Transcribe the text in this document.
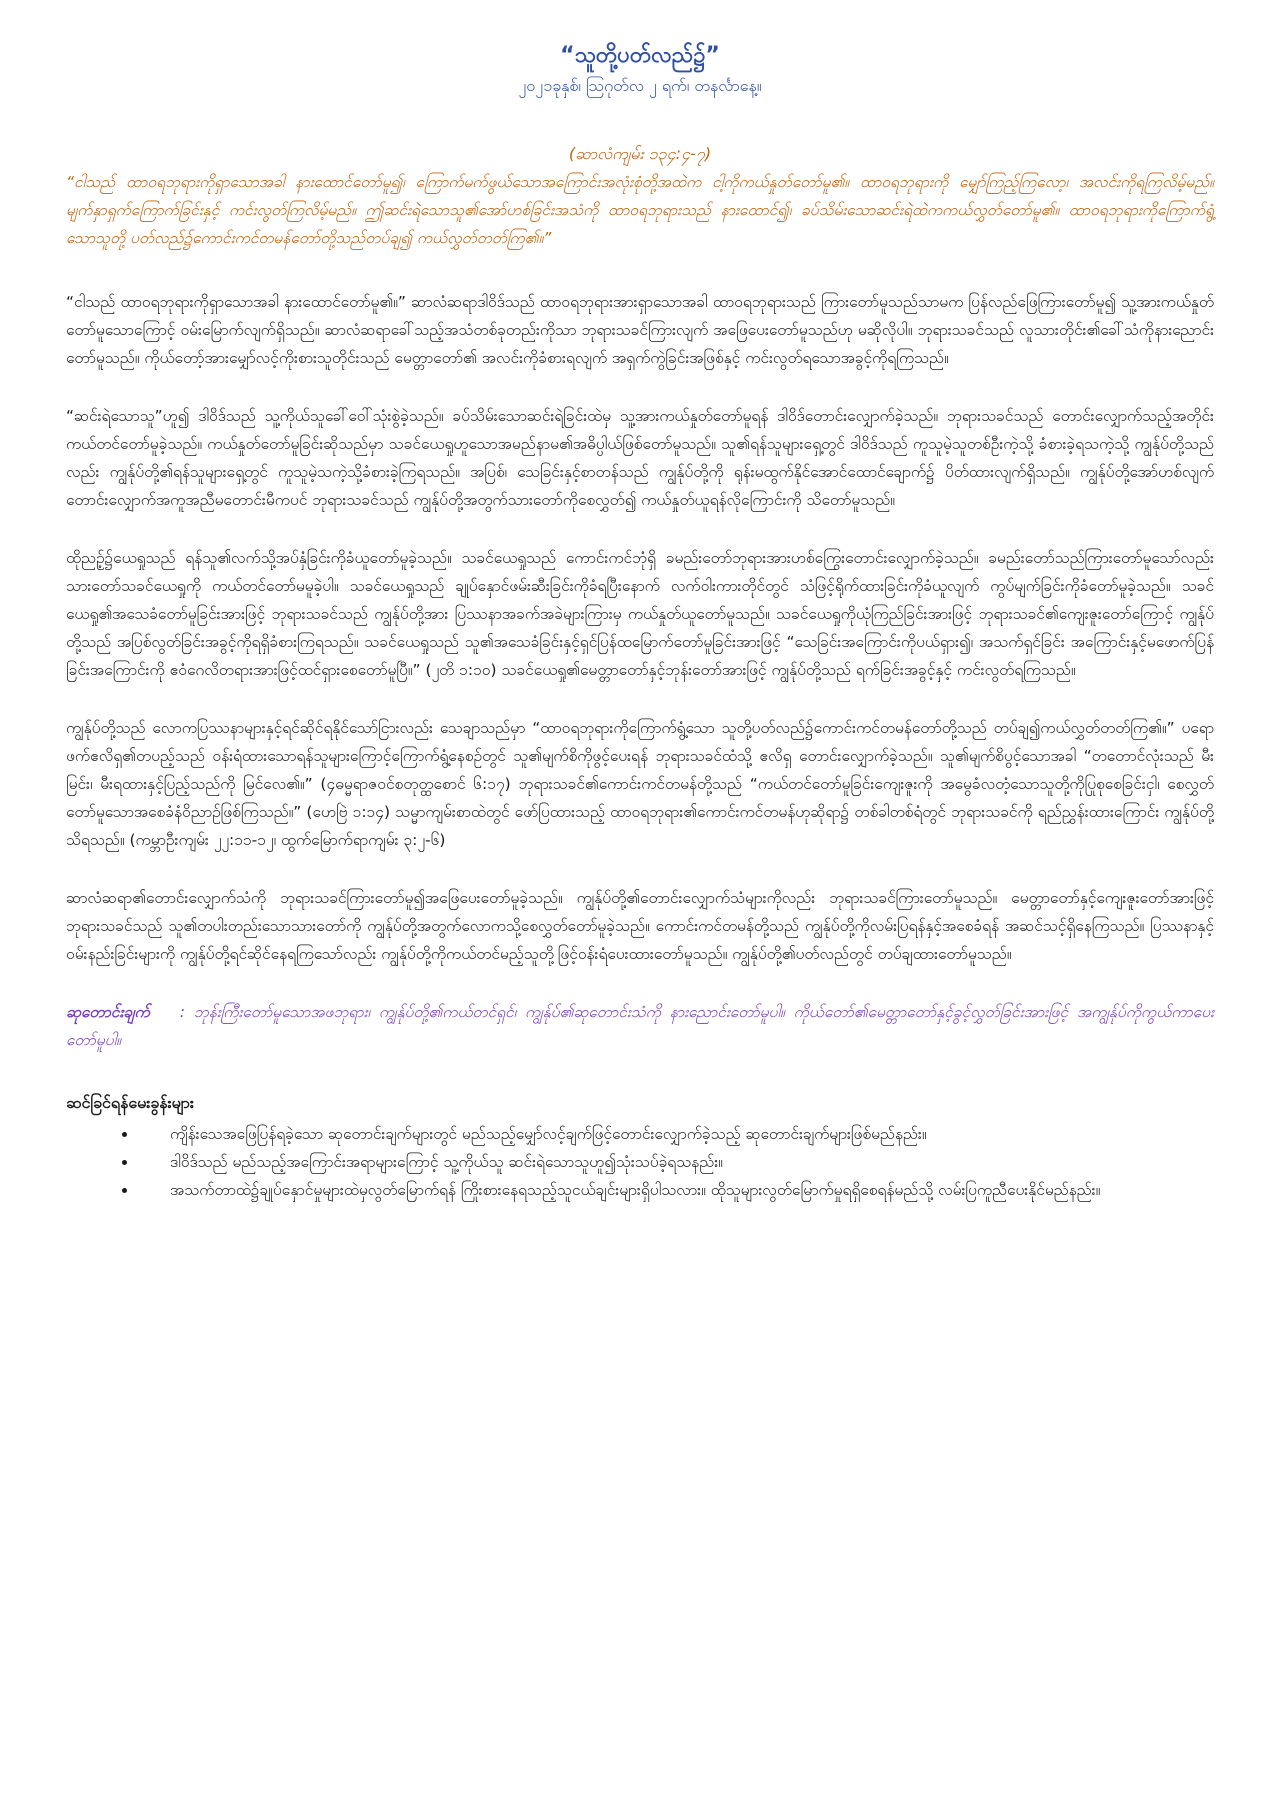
“သူတို့ပတ်လည်၌”

၂၀၂၁ခုနှစ်၊ ဩဂုတ်လ ၂ ရက်၊ တနင်္လာနေ့။

(ဆာလံကျမ်း ၁၃၄:၄-၇)

“ငါသည် ထာဝရဘုရားကိုရှာသောအခါ နားထောင်တော်မူ၍၊ ကြောက်မက်ဖွယ်သောအကြောင်းအလုံးစုံတို့အထဲက ငါ့ကိုကယ်နှုတ်တော်မူ၏။ ထာဝရဘုရားကို မျှော်ကြည့်ကြလော့၊ အလင်းကိုရကြလိမ့်မည်။ မျက်နှာရှက်ကြောက်ခြင်းနှင့် ကင်းလွတ်ကြလိမ့်မည်။ ဤဆင်းရဲသောသူ၏အော်ဟစ်ခြင်းအသံကို ထာဝရဘုရားသည် နားထောင်၍၊ ခပ်သိမ်းသောဆင်းရဲထဲကကယ်လွှတ်တော်မူ၏။ ထာဝရဘုရားကိုကြောက်ရွံ့သောသူတို့ ပတ်လည်၌ကောင်းကင်တမန်တော်တို့သည်တပ်ချ၍ ကယ်လွှတ်တတ်ကြ၏။”

“ငါသည် ထာဝရဘုရားကိုရှာသောအခါ နားထောင်တော်မူ၏။” ဆာလံဆရာဒါဝိဒ်သည် ထာဝရဘုရားအားရှာသောအခါ ထာဝရဘုရားသည် ကြားတော်မူသည်သာမက ပြန်လည်ဖြေကြားတော်မူ၍ သူ့အားကယ်နှုတ်တော်မူသောကြောင့် ဝမ်းမြောက်လျက်ရှိသည်။ ဆာလံဆရာခေါ်သည့်အသံတစ်ခုတည်းကိုသာ ဘုရားသခင်ကြားလျက် အဖြေပေးတော်မူသည်ဟု မဆိုလိုပါ။ ဘုရားသခင်သည် လူသားတိုင်း၏ခေါ်သံကိုနားညောင်းတော်မူသည်။ ကိုယ်တော့်အားမျှော်လင့်ကိုးစားသူတိုင်းသည် မေတ္တာတော်၏ အလင်းကိုခံစားရလျက် အရှက်ကွဲခြင်းအဖြစ်နှင့် ကင်းလွတ်ရသောအခွင့်ကိုရကြသည်။

“ဆင်းရဲသောသူ”ဟူ၍ ဒါဝိဒ်သည် သူ့ကိုယ်သူခေါ်ဝေါ်သုံးစွဲခဲ့သည်။ ခပ်သိမ်းသောဆင်းရဲခြင်းထဲမှ သူ့အားကယ်နှုတ်တော်မူရန် ဒါဝိဒ်တောင်းလျှောက်ခဲ့သည်။ ဘုရားသခင်သည် တောင်းလျှောက်သည့်အတိုင်း ကယ်တင်တော်မူခဲ့သည်။ ကယ်နှုတ်တော်မူခြင်းဆိုသည်မှာ သခင်ယေရှုဟူသောအမည်နာမ၏အဓိပ္ပါယ်ဖြစ်တော်မူသည်။ သူ၏ရန်သူများရှေ့တွင် ဒါဝိဒ်သည် ကူသူမဲ့သူတစ်ဦးကဲ့သို့ ခံစားခဲ့ရသကဲ့သို့ ကျွန်ုပ်တို့သည်လည်း ကျွန်ုပ်တို့၏ရန်သူများရှေ့တွင် ကူသူမဲ့သကဲ့သို့ခံစားခဲ့ကြရသည်။ အပြစ်၊ သေခြင်းနှင့်စာတန်သည် ကျွန်ုပ်တို့ကို ရုန်းမထွက်နိုင်အောင်ထောင်ချောက်၌ ပိတ်ထားလျက်ရှိသည်။ ကျွန်ုပ်တို့အော်ဟစ်လျက် တောင်းလျှောက်အကူအညီမတောင်းမီကပင် ဘုရားသခင်သည် ကျွန်ုပ်တို့အတွက်သားတော်ကိုစေလွှတ်၍ ကယ်နှုတ်ယူရန်လိုကြောင်းကို သိတော်မူသည်။

ထိုညဥ့်၌ယေရှုသည် ရန်သူ၏လက်သို့အပ်နှံခြင်းကိုခံယူတော်မူခဲ့သည်။ သခင်ယေရှုသည် ကောင်းကင်ဘုံရှိ ခမည်းတော်ဘုရားအားဟစ်ကြွေးတောင်းလျှောက်ခဲ့သည်။ ခမည်းတော်သည်ကြားတော်မူသော်လည်း သားတော်သခင်ယေရှုကို ကယ်တင်တော်မမူခဲ့ပါ။ သခင်ယေရှုသည် ချုပ်နှောင်ဖမ်းဆီးခြင်းကိုခံရပြီးနောက် လက်ဝါးကားတိုင်တွင် သံဖြင့်ရိုက်ထားခြင်းကိုခံယူလျက် ကွပ်မျက်ခြင်းကိုခံတော်မူခဲ့သည်။ သခင်ယေရှု၏အသေခံတော်မူခြင်းအားဖြင့် ဘုရားသခင်သည် ကျွန်ုပ်တို့အား ပြဿနာအခက်အခဲများကြားမှ ကယ်နှုတ်ယူတော်မူသည်။ သခင်ယေရှုကိုယုံကြည်ခြင်းအားဖြင့် ဘုရားသခင်၏ကျေးဇူးတော်ကြောင့် ကျွန်ုပ်တို့သည် အပြစ်လွတ်ခြင်းအခွင့်ကိုရရှိခံစားကြရသည်။ သခင်ယေရှုသည် သူ၏အသေခံခြင်းနှင့်ရှင်ပြန်ထမြောက်တော်မူခြင်းအားဖြင့် “သေခြင်းအကြောင်းကိုပယ်ရှား၍၊ အသက်ရှင်ခြင်း အကြောင်းနှင့်မဖောက်ပြန်ခြင်းအကြောင်းကို ဧဝံဂေလိတရားအားဖြင့်ထင်ရှားစေတော်မူပြီ။” (၂တိ ၁:၁၀) သခင်ယေရှု၏မေတ္တာတော်နှင့်ဘုန်းတော်အားဖြင့် ကျွန်ုပ်တို့သည် ရက်ခြင်းအခွင့်နှင့် ကင်းလွတ်ရကြသည်။

ကျွန်ုပ်တို့သည် လောကပြဿနာများနှင့်ရင်ဆိုင်ရနိုင်သော်ငြားလည်း သေချာသည်မှာ “ထာဝရဘုရားကိုကြောက်ရွံ့သော သူတို့ပတ်လည်၌ကောင်းကင်တမန်တော်တို့သည် တပ်ချ၍ကယ်လွှတ်တတ်ကြ၏။” ပရောဖက်ဧလိရှ၏တပည့်သည် ဝန်းရံထားသောရန်သူများကြောင့်ကြောက်ရွံ့နေစဉ်တွင် သူ၏မျက်စိကိုဖွင့်ပေးရန် ဘုရားသခင်ထံသို့ ဧလိရှ တောင်းလျှောက်ခဲ့သည်။ သူ၏မျက်စိပွင့်သောအခါ “တတောင်လုံးသည် မီးမြင်း၊ မီးရထားနှင့်ပြည့်သည်ကို မြင်လေ၏။” (၄ဓမ္မရာဇဝင်စတုတ္ထစောင် ၆:၁၇) ဘုရားသခင်၏ကောင်းကင်တမန်တို့သည် “ကယ်တင်တော်မူခြင်းကျေးဇူးကို အမွေခံလတံ့သောသူတို့ကိုပြုစုစေခြင်းငှါ၊ စေလွှတ်တော်မူသောအစေခံနံဝိညာဉ်ဖြစ်ကြသည်။” (ဟေဗြဲ ၁:၁၄) သမ္မာကျမ်းစာထဲတွင် ဖော်ပြထားသည့် ထာဝရဘုရား၏ကောင်းကင်တမန်ဟုဆိုရာ၌ တစ်ခါတစ်ရံတွင် ဘုရားသခင်ကို ရည်ညွှန်းထားကြောင်း ကျွန်ုပ်တို့သိရသည်။ (ကမ္ဘာဦးကျမ်း ၂၂:၁၁-၁၂၊ ထွက်မြောက်ရာကျမ်း ၃:၂-၆)

ဆာလံဆရာ၏တောင်းလျှောက်သံကို ဘုရားသခင်ကြားတော်မူ၍အဖြေပေးတော်မူခဲ့သည်။ ကျွန်ုပ်တို့၏တောင်းလျှောက်သံများကိုလည်း ဘုရားသခင်ကြားတော်မူသည်။ မေတ္တာတော်နှင့်ကျေးဇူးတော်အားဖြင့် ဘုရားသခင်သည် သူ၏တပါးတည်းသောသားတော်ကို ကျွန်ုပ်တို့အတွက်လောကသို့စေလွှတ်တော်မူခဲ့သည်။ ကောင်းကင်တမန်တို့သည် ကျွန်ုပ်တို့ကိုလမ်းပြရန်နှင့်အစေခံရန် အဆင်သင့်ရှိနေကြသည်။ ပြဿနာနှင့်ဝမ်းနည်းခြင်းများကို ကျွန်ုပ်တို့ရင်ဆိုင်နေရကြသော်လည်း ကျွန်ုပ်တို့ကိုကယ်တင်မည့်သူတို့ဖြင့်ဝန်းရံပေးထားတော်မူသည်။ ကျွန်ုပ်တို့၏ပတ်လည်တွင် တပ်ချထားတော်မူသည်။

ဆုတောင်းချက် : ဘုန်းကြီးတော်မူသောအဖဘုရား၊ ကျွန်ုပ်တို့၏ကယ်တင်ရှင်၊ ကျွန်ုပ်၏ဆုတောင်းသံကို နားညောင်းတော်မူပါ။ ကိုယ်တော်၏မေတ္တာတော်နှင့်ခွင့်လွှတ်ခြင်းအားဖြင့် အကျွန်ုပ်ကိုကွယ်ကာပေးတော်မူပါ။

ဆင်ခြင်ရန်မေးခွန်းများ
• ကျိန်းသေအဖြေပြန်ရခဲ့သော ဆုတောင်းချက်များတွင် မည်သည့်မျှော်လင့်ချက်ဖြင့်တောင်းလျှောက်ခဲ့သည့် ဆုတောင်းချက်များဖြစ်မည်နည်း။
• ဒါဝိဒ်သည် မည်သည့်အကြောင်းအရာများကြောင့် သူ့ကိုယ်သူ ဆင်းရဲသောသူဟူ၍သုံးသပ်ခဲ့ရသနည်း။
• အသက်တာထဲ၌ချုပ်နှောင်မှုများထဲမှလွတ်မြောက်ရန် ကြိုးစားနေရသည့်သူငယ်ချင်းများရှိပါသလား။ ထိုသူများလွတ်မြောက်မှုရရှိစေရန်မည်သို့ လမ်းပြကူညီပေးနိုင်မည်နည်း။
